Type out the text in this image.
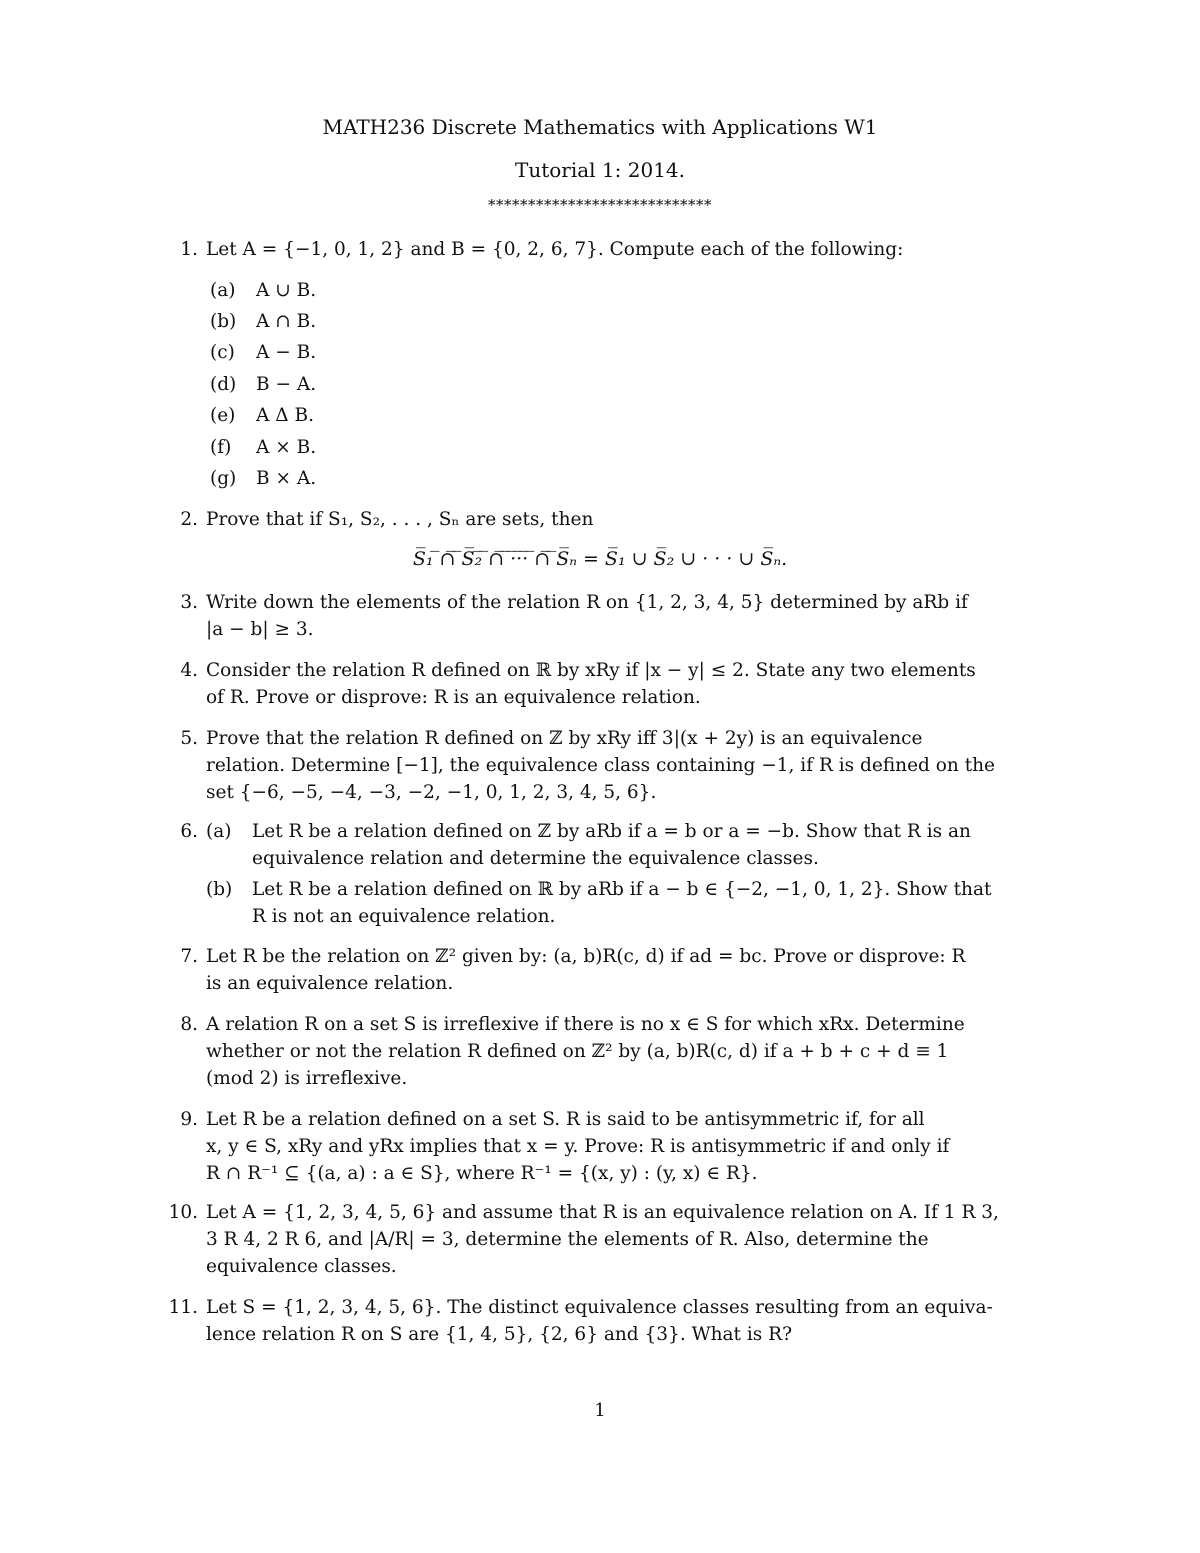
MATH236 Discrete Mathematics with Applications W1
Tutorial 1: 2014.
****************************
1. Let A = {−1, 0, 1, 2} and B = {0, 2, 6, 7}. Compute each of the following:
(a)	A ∪ B.
(b)	A ∩ B.
(c)	A − B.
(d)	B − A.
(e)	A Δ B.
(f)	A × B.
(g)	B × A.
2. Prove that if S₁, S₂, . . . , Sₙ are sets, then
S̅₁ ̅∩̅ ̅S̅₂̅ ̅∩̅ ̅·̅·̅·̅ ̅∩̅ ̅S̅ₙ = S̅₁ ∪ S̅₂ ∪ · · · ∪ S̅ₙ.
3. Write down the elements of the relation R on {1, 2, 3, 4, 5} determined by aRb if
|a − b| ≥ 3.
4. Consider the relation R defined on ℝ by xRy if |x − y| ≤ 2. State any two elements
of R. Prove or disprove: R is an equivalence relation.
5. Prove that the relation R defined on ℤ by xRy iff 3|(x + 2y) is an equivalence
relation. Determine [−1], the equivalence class containing −1, if R is defined on the
set {−6, −5, −4, −3, −2, −1, 0, 1, 2, 3, 4, 5, 6}.
6. (a)	Let R be a relation defined on ℤ by aRb if a = b or a = −b. Show that R is an
equivalence relation and determine the equivalence classes.
(b)	Let R be a relation defined on ℝ by aRb if a − b ∈ {−2, −1, 0, 1, 2}. Show that
R is not an equivalence relation.
7. Let R be the relation on ℤ² given by: (a, b)R(c, d) if ad = bc. Prove or disprove: R
is an equivalence relation.
8. A relation R on a set S is irreflexive if there is no x ∈ S for which xRx. Determine
whether or not the relation R defined on ℤ² by (a, b)R(c, d) if a + b + c + d ≡ 1
(mod 2) is irreflexive.
9. Let R be a relation defined on a set S. R is said to be antisymmetric if, for all
x, y ∈ S, xRy and yRx implies that x = y. Prove: R is antisymmetric if and only if
R ∩ R⁻¹ ⊆ {(a, a) : a ∈ S}, where R⁻¹ = {(x, y) : (y, x) ∈ R}.
10. Let A = {1, 2, 3, 4, 5, 6} and assume that R is an equivalence relation on A. If 1 R 3,
3 R 4, 2 R 6, and |A/R| = 3, determine the elements of R. Also, determine the
equivalence classes.
11. Let S = {1, 2, 3, 4, 5, 6}. The distinct equivalence classes resulting from an equiva-
lence relation R on S are {1, 4, 5}, {2, 6} and {3}. What is R?
1
